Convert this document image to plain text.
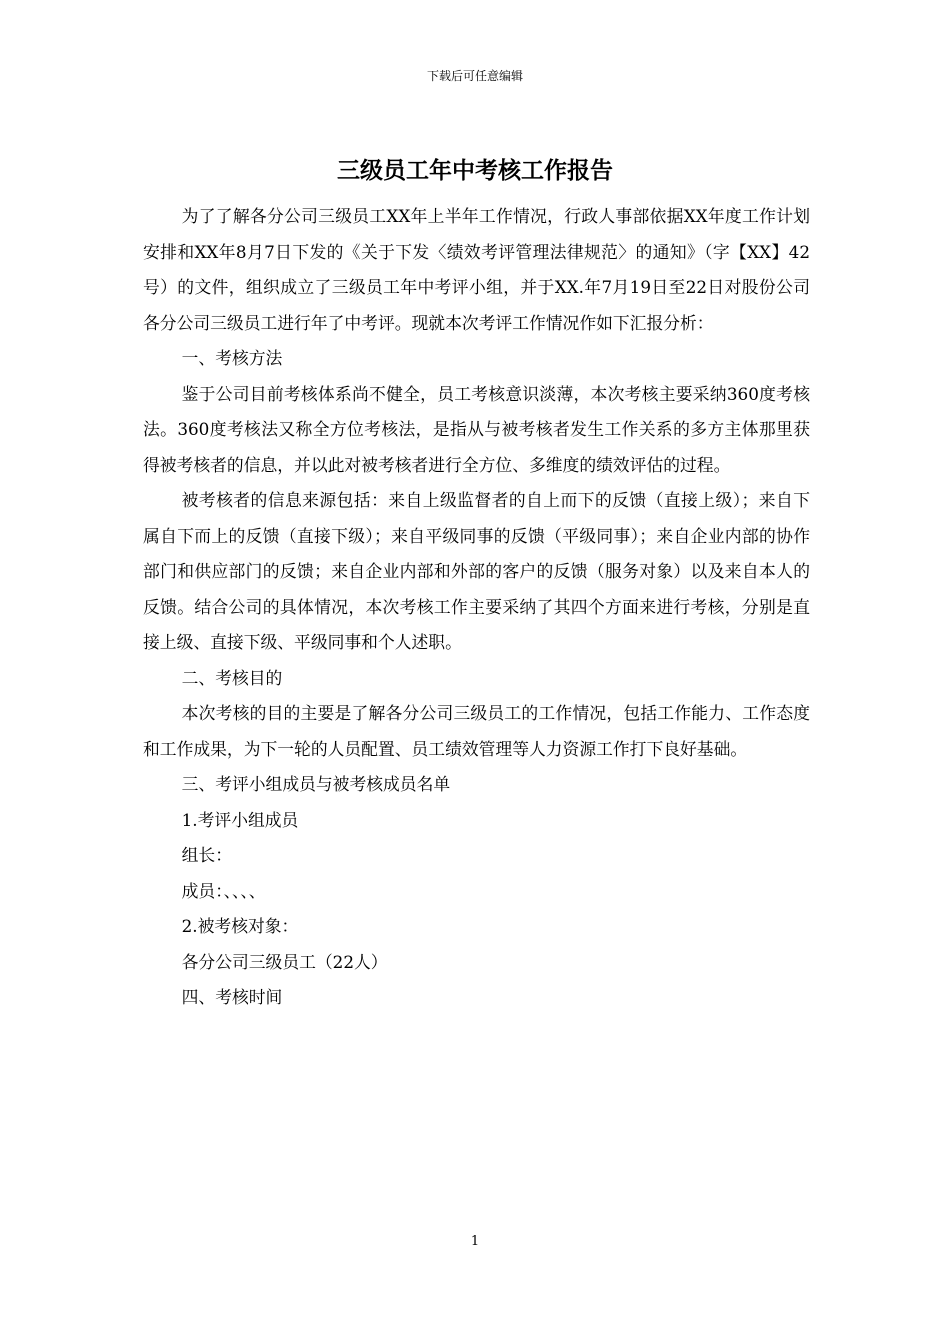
下载后可任意编辑
三级员工年中考核工作报告

为了了解各分公司三级员工XX年上半年工作情况，行政人事部依据XX年度工作计划安排和XX年8月7日下发的《关于下发〈绩效考评管理法律规范〉的通知》（字【XX】42号）的文件，组织成立了三级员工年中考评小组，并于XX.年7月19日至22日对股份公司各分公司三级员工进行年了中考评。现就本次考评工作情况作如下汇报分析：

一、考核方法

鉴于公司目前考核体系尚不健全，员工考核意识淡薄，本次考核主要采纳360度考核法。360度考核法又称全方位考核法，是指从与被考核者发生工作关系的多方主体那里获得被考核者的信息，并以此对被考核者进行全方位、多维度的绩效评估的过程。

被考核者的信息来源包括：来自上级监督者的自上而下的反馈（直接上级）；来自下属自下而上的反馈（直接下级）；来自平级同事的反馈（平级同事）；来自企业内部的协作部门和供应部门的反馈；来自企业内部和外部的客户的反馈（服务对象）以及来自本人的反馈。结合公司的具体情况，本次考核工作主要采纳了其四个方面来进行考核，分别是直接上级、直接下级、平级同事和个人述职。

二、考核目的

本次考核的目的主要是了解各分公司三级员工的工作情况，包括工作能力、工作态度和工作成果，为下一轮的人员配置、员工绩效管理等人力资源工作打下良好基础。

三、考评小组成员与被考核成员名单

1.考评小组成员

组长：

成员：、、、、

2.被考核对象：

各分公司三级员工（22人）

四、考核时间

1
